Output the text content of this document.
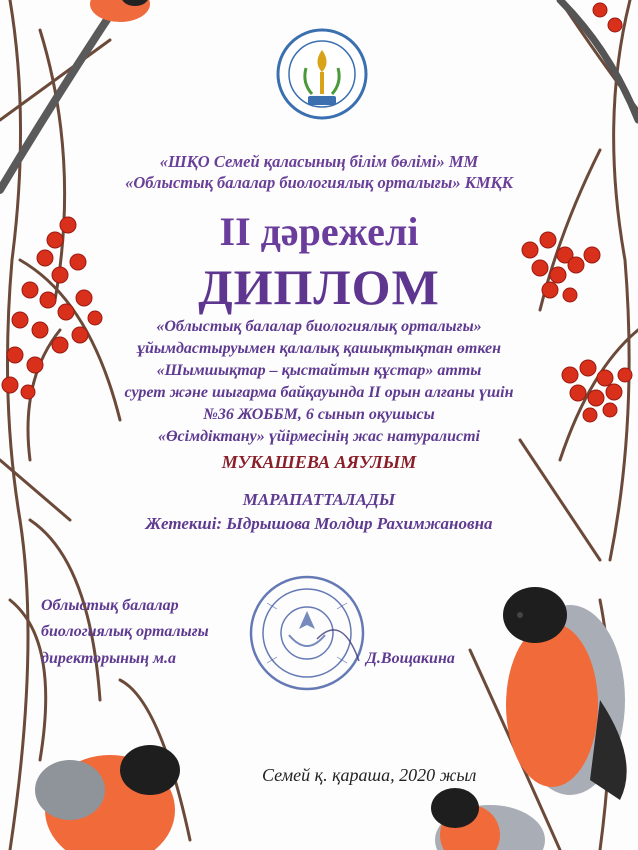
«ШҚО Семей қаласының білім бөлімі» ММ
«Облыстық балалар биологиялық орталығы» КМҚК
II дәрежелі
ДИПЛОМ
«Облыстық балалар биологиялық орталығы»
ұйымдастыруымен қалалық қашықтықтан өткен
«Шымшықтар – қыстайтын құстар» атты
сурет және шығарма байқауында II орын алғаны үшін
№36 ЖОББМ, 6 сынып оқушысы
«Өсімдіктану» үйірмесінің жас натуралисті
МУКАШЕВА АЯУЛЫМ
МАРАПАТТАЛАДЫ
Жетекші: Ыдрышова Молдир Рахимжановна
Облыстық балалар
биологиялық орталығы
директорының м.а	Д.Вощакина
Семей қ. қараша, 2020 жыл
